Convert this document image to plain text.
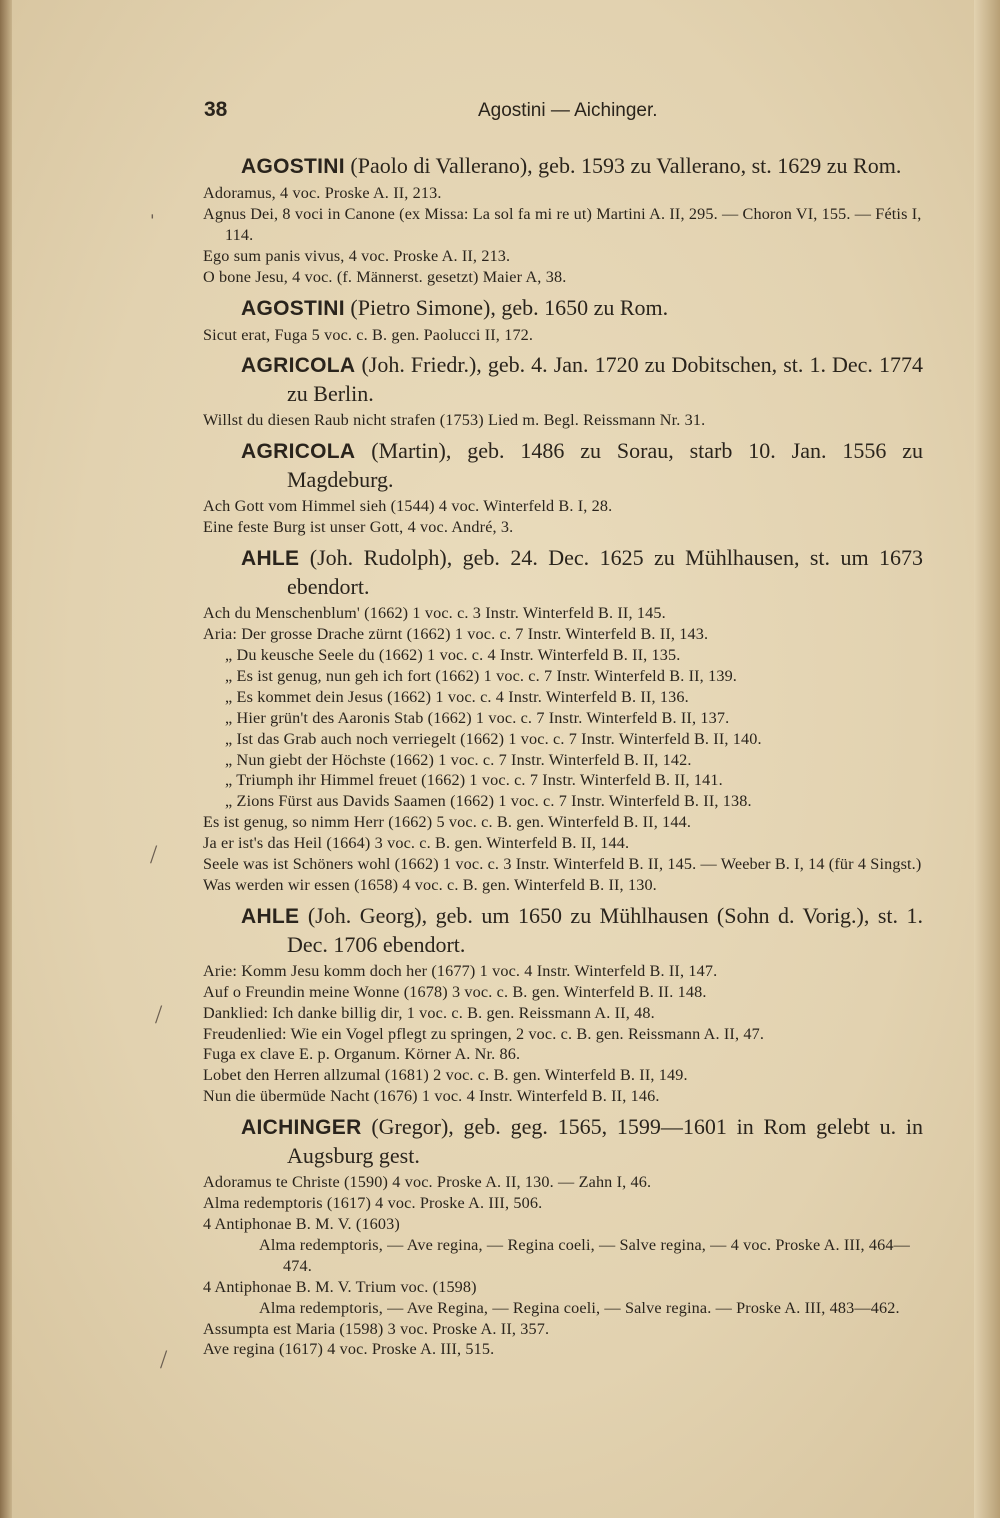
38	Agostini — Aichinger.
ˈ
/
/
/
AGOSTINI (Paolo di Vallerano), geb. 1593 zu Vallerano, st. 1629 zu Rom.
Adoramus, 4 voc. Proske A. II, 213.
Agnus Dei, 8 voci in Canone (ex Missa: La sol fa mi re ut) Martini A. II, 295. — Choron VI, 155. — Fétis I, 114.
Ego sum panis vivus, 4 voc. Proske A. II, 213.
O bone Jesu, 4 voc. (f. Männerst. gesetzt) Maier A, 38.
AGOSTINI (Pietro Simone), geb. 1650 zu Rom.
Sicut erat, Fuga 5 voc. c. B. gen. Paolucci II, 172.
AGRICOLA (Joh. Friedr.), geb. 4. Jan. 1720 zu Dobitschen, st. 1. Dec. 1774 zu Berlin.
Willst du diesen Raub nicht strafen (1753) Lied m. Begl. Reissmann Nr. 31.
AGRICOLA (Martin), geb. 1486 zu Sorau, starb 10. Jan. 1556 zu Magdeburg.
Ach Gott vom Himmel sieh (1544) 4 voc. Winterfeld B. I, 28.
Eine feste Burg ist unser Gott, 4 voc. André, 3.
AHLE (Joh. Rudolph), geb. 24. Dec. 1625 zu Mühlhausen, st. um 1673 ebendort.
Ach du Menschenblum' (1662) 1 voc. c. 3 Instr. Winterfeld B. II, 145.
Aria: Der grosse Drache zürnt (1662) 1 voc. c. 7 Instr. Winterfeld B. II, 143.
„ Du keusche Seele du (1662) 1 voc. c. 4 Instr. Winterfeld B. II, 135.
„ Es ist genug, nun geh ich fort (1662) 1 voc. c. 7 Instr. Winterfeld B. II, 139.
„ Es kommet dein Jesus (1662) 1 voc. c. 4 Instr. Winterfeld B. II, 136.
„ Hier grün't des Aaronis Stab (1662) 1 voc. c. 7 Instr. Winterfeld B. II, 137.
„ Ist das Grab auch noch verriegelt (1662) 1 voc. c. 7 Instr. Winterfeld B. II, 140.
„ Nun giebt der Höchste (1662) 1 voc. c. 7 Instr. Winterfeld B. II, 142.
„ Triumph ihr Himmel freuet (1662) 1 voc. c. 7 Instr. Winterfeld B. II, 141.
„ Zions Fürst aus Davids Saamen (1662) 1 voc. c. 7 Instr. Winterfeld B. II, 138.
Es ist genug, so nimm Herr (1662) 5 voc. c. B. gen. Winterfeld B. II, 144.
Ja er ist's das Heil (1664) 3 voc. c. B. gen. Winterfeld B. II, 144.
Seele was ist Schöners wohl (1662) 1 voc. c. 3 Instr. Winterfeld B. II, 145. — Weeber B. I, 14 (für 4 Singst.)
Was werden wir essen (1658) 4 voc. c. B. gen. Winterfeld B. II, 130.
AHLE (Joh. Georg), geb. um 1650 zu Mühlhausen (Sohn d. Vorig.), st. 1. Dec. 1706 ebendort.
Arie: Komm Jesu komm doch her (1677) 1 voc. 4 Instr. Winterfeld B. II, 147.
Auf o Freundin meine Wonne (1678) 3 voc. c. B. gen. Winterfeld B. II. 148.
Danklied: Ich danke billig dir, 1 voc. c. B. gen. Reissmann A. II, 48.
Freudenlied: Wie ein Vogel pflegt zu springen, 2 voc. c. B. gen. Reissmann A. II, 47.
Fuga ex clave E. p. Organum. Körner A. Nr. 86.
Lobet den Herren allzumal (1681) 2 voc. c. B. gen. Winterfeld B. II, 149.
Nun die übermüde Nacht (1676) 1 voc. 4 Instr. Winterfeld B. II, 146.
AICHINGER (Gregor), geb. geg. 1565, 1599—1601 in Rom gelebt u. in Augsburg gest.
Adoramus te Christe (1590) 4 voc. Proske A. II, 130. — Zahn I, 46.
Alma redemptoris (1617) 4 voc. Proske A. III, 506.
4 Antiphonae B. M. V. (1603)
Alma redemptoris, — Ave regina, — Regina coeli, — Salve regina, — 4 voc. Proske A. III, 464—474.
4 Antiphonae B. M. V. Trium voc. (1598)
Alma redemptoris, — Ave Regina, — Regina coeli, — Salve regina. — Proske A. III, 483—462.
Assumpta est Maria (1598) 3 voc. Proske A. II, 357.
Ave regina (1617) 4 voc. Proske A. III, 515.
